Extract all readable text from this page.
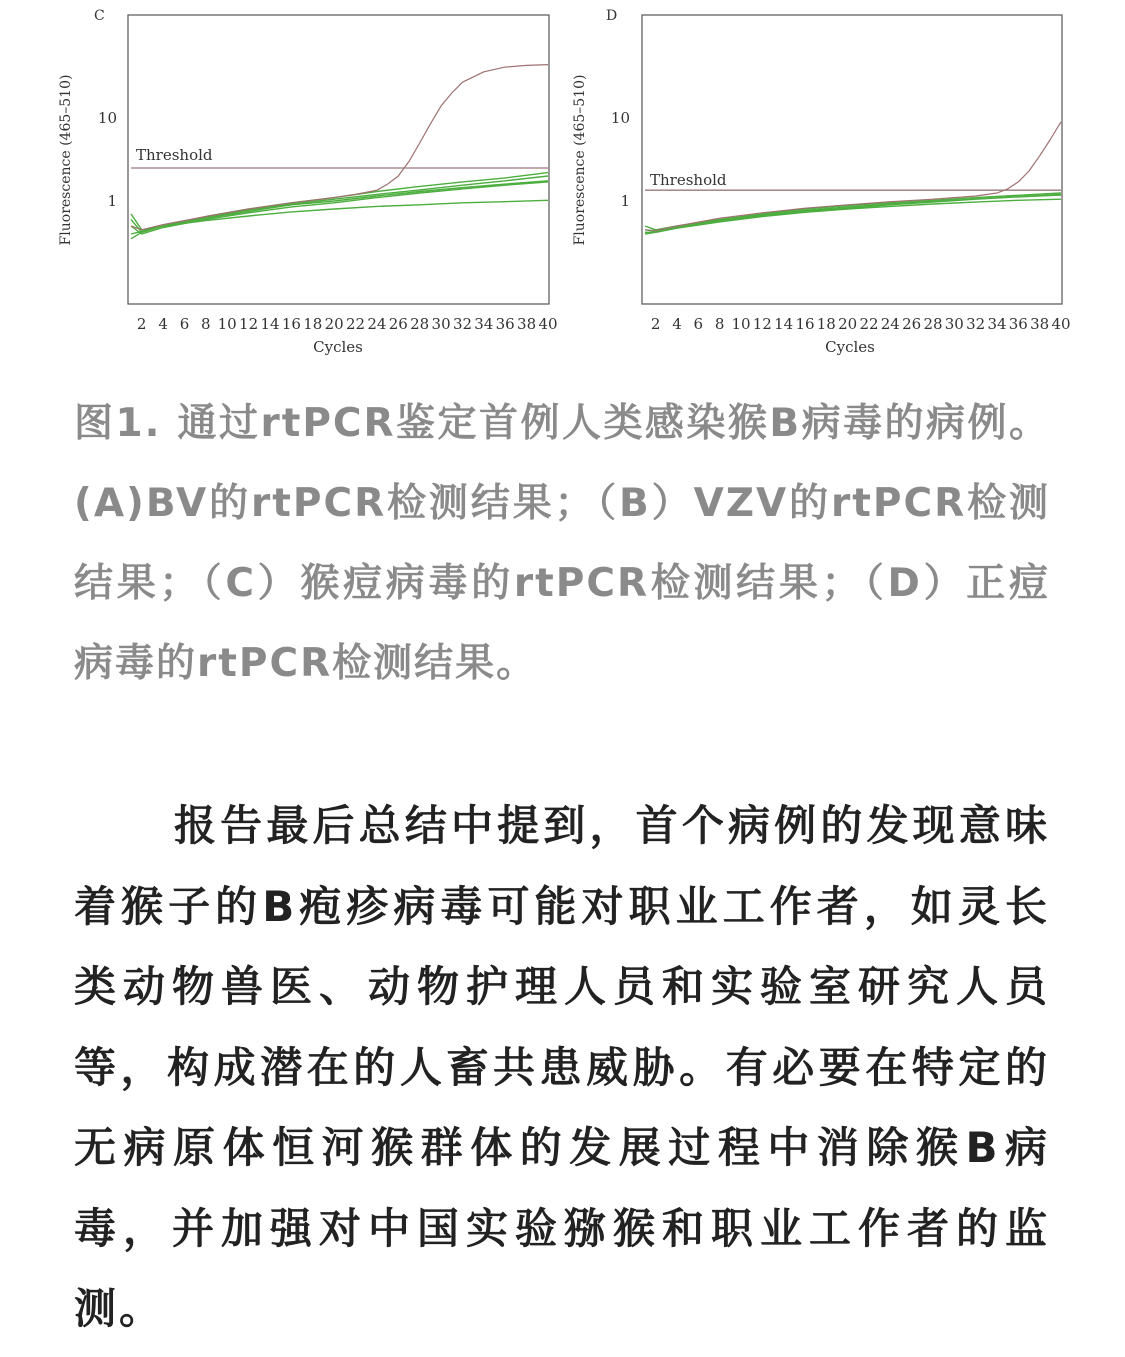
C
Fluorescence (465–510)
Cycles
10
1
2 4 6 8 10 12 14 16 18 20 22 24 26 28 30 32 34 36 38 40
Threshold
D
Fluorescence (465–510)
Cycles
10
1
2 4 6 8 10 12 14 16 18 20 22 24 26 28 30 32 34 36 38 40
Threshold

图1. 通过rtPCR鉴定首例人类感染猴B病毒的病例。(A)BV的rtPCR检测结果；（B）VZV的rtPCR检测结果；（C）猴痘病毒的rtPCR检测结果；（D）正痘病毒的rtPCR检测结果。

报告最后总结中提到，首个病例的发现意味着猴子的B疱疹病毒可能对职业工作者，如灵长类动物兽医、动物护理人员和实验室研究人员等，构成潜在的人畜共患威胁。有必要在特定的无病原体恒河猴群体的发展过程中消除猴B病毒，并加强对中国实验猕猴和职业工作者的监测。
